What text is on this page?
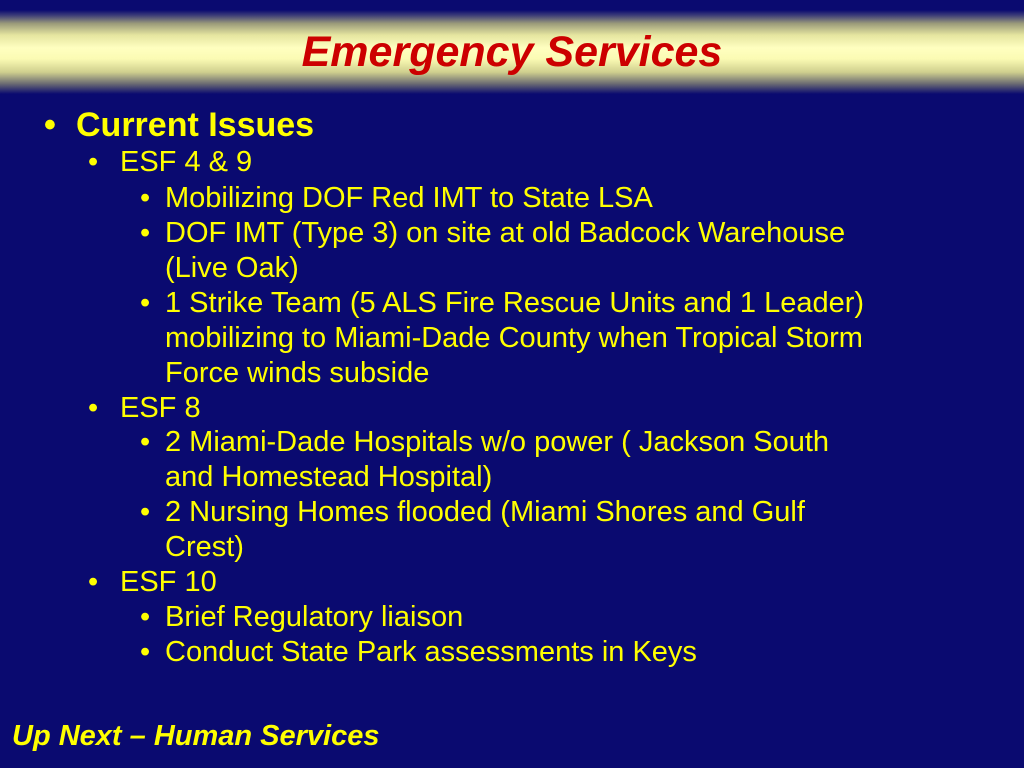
Emergency Services
• Current Issues
• ESF 4 & 9
• Mobilizing DOF Red IMT to State LSA
• DOF IMT (Type 3) on site at old Badcock Warehouse
(Live Oak)
• 1 Strike Team (5 ALS Fire Rescue Units and 1 Leader)
mobilizing to Miami-Dade County when Tropical Storm
Force winds subside
• ESF 8
• 2 Miami-Dade Hospitals w/o power ( Jackson South
and Homestead Hospital)
• 2 Nursing Homes flooded (Miami Shores and Gulf
Crest)
• ESF 10
• Brief Regulatory liaison
• Conduct State Park assessments in Keys
Up Next – Human Services
